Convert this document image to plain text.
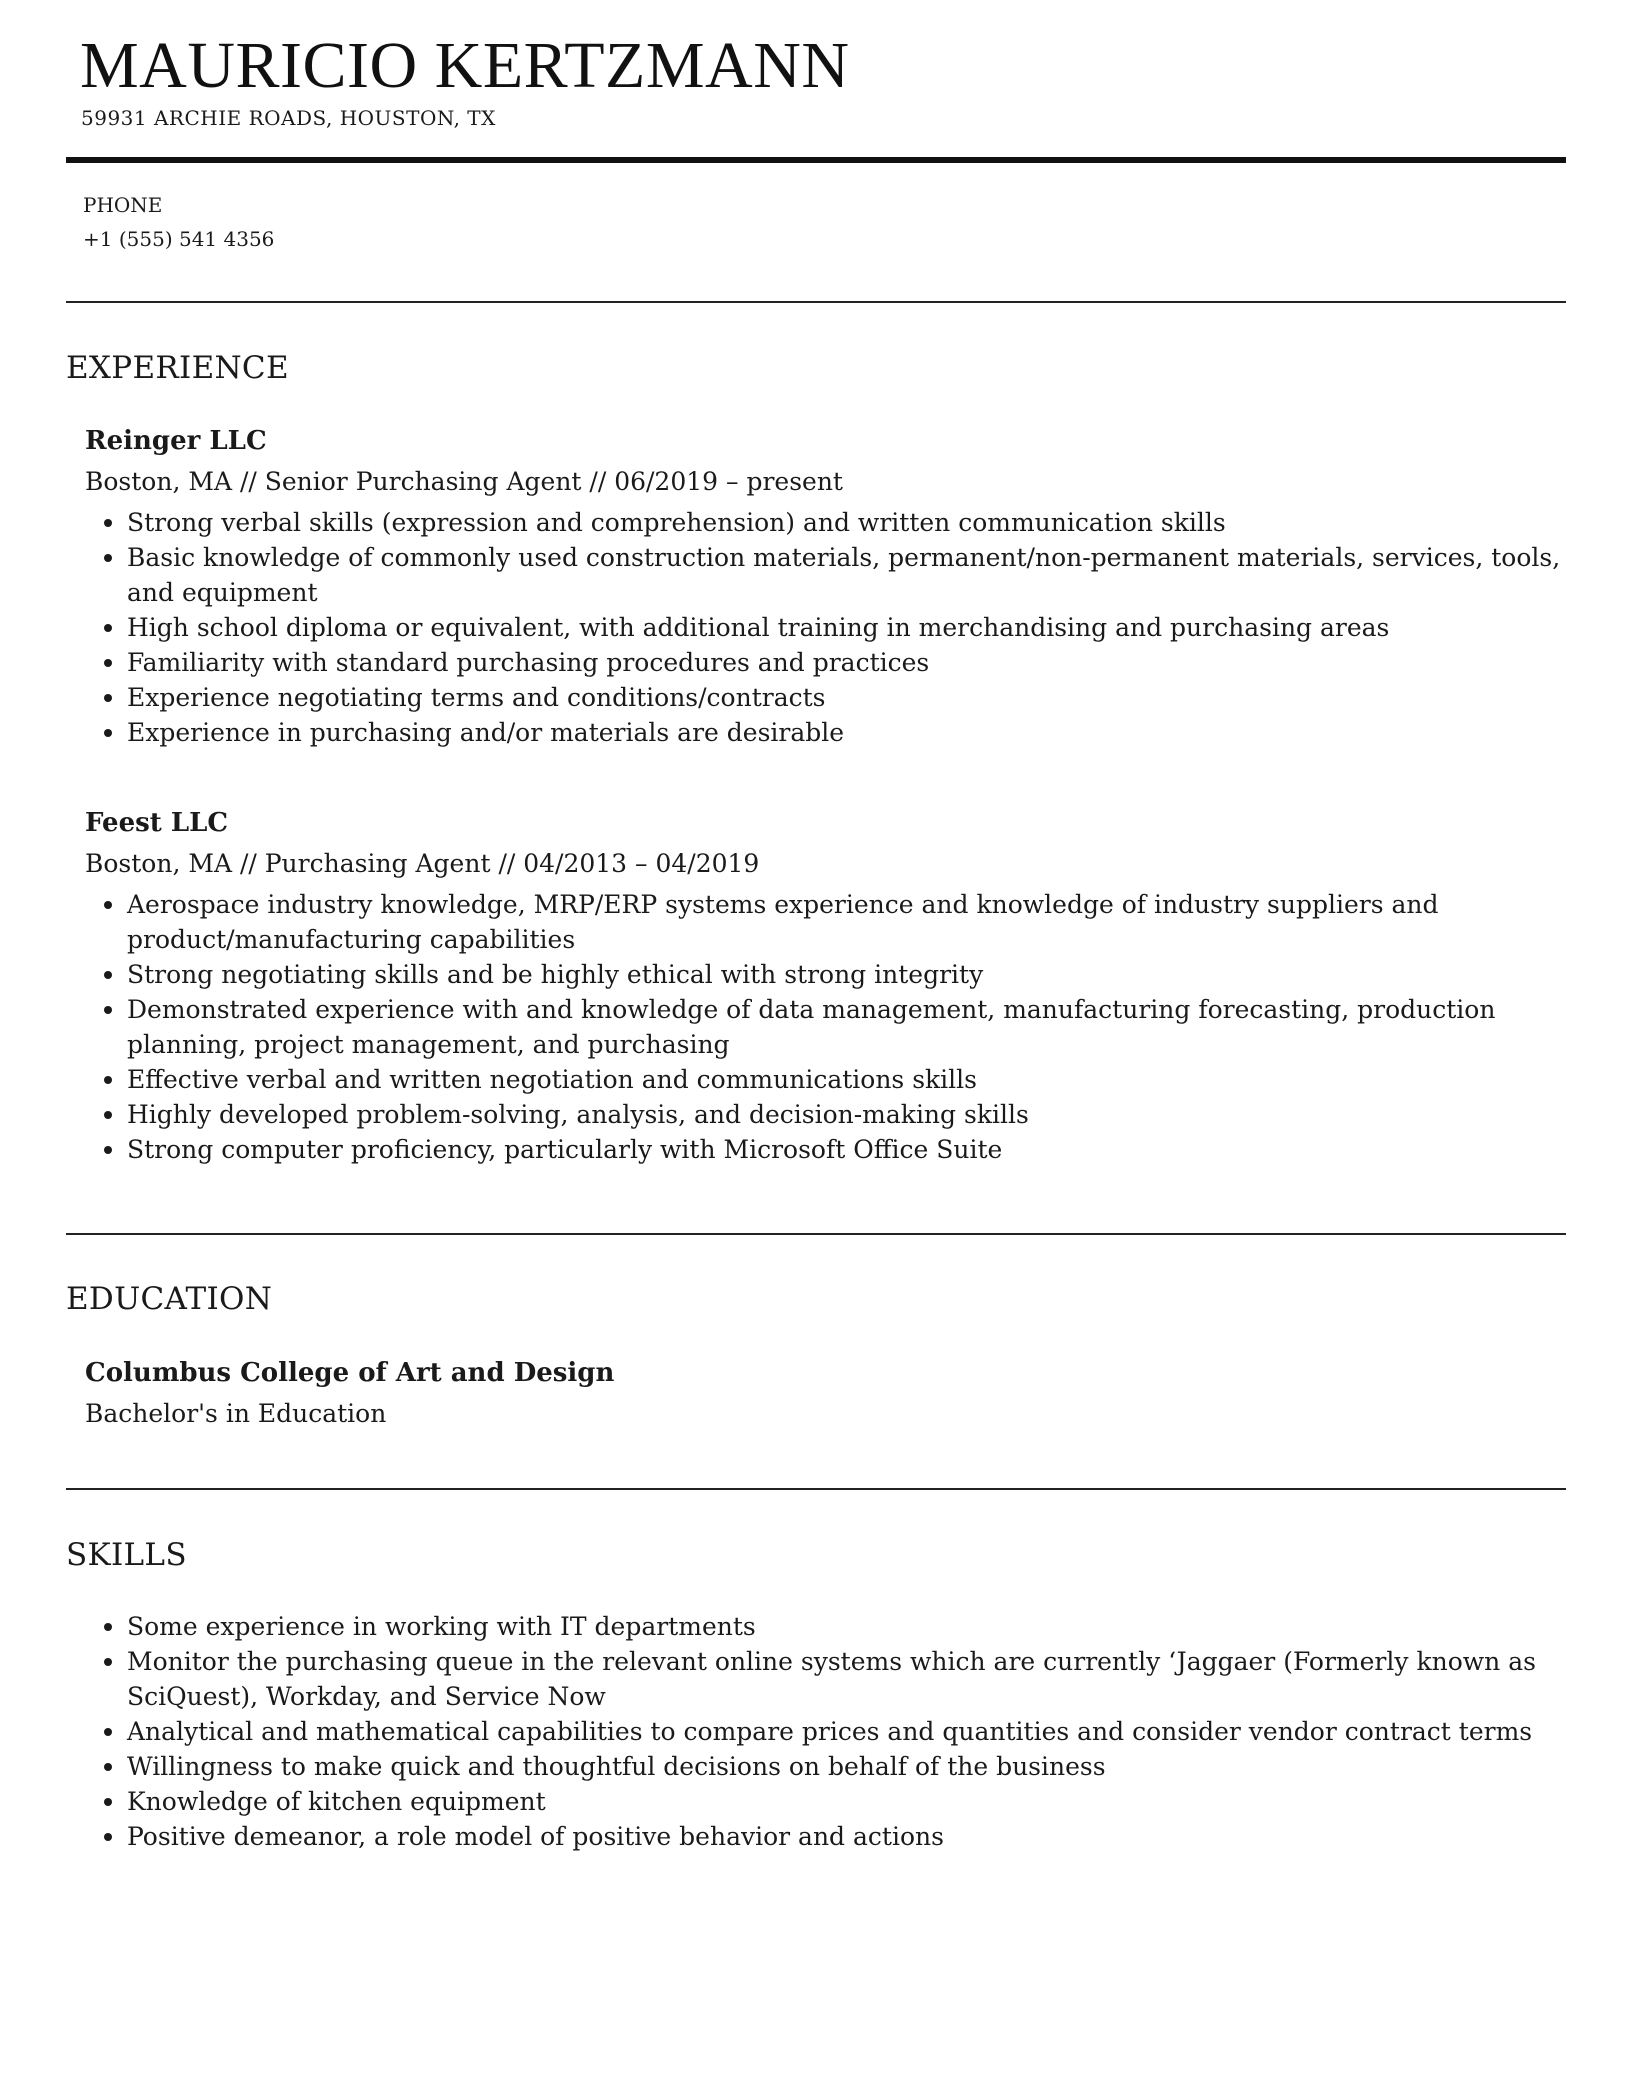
MAURICIO KERTZMANN
59931 ARCHIE ROADS, HOUSTON, TX
PHONE
+1 (555) 541 4356
EXPERIENCE

Reinger LLC

Boston, MA // Senior Purchasing Agent // 06/2019 – present

Strong verbal skills (expression and comprehension) and written communication skills
Basic knowledge of commonly used construction materials, permanent/non-permanent materials, services, tools, and equipment
High school diploma or equivalent, with additional training in merchandising and purchasing areas
Familiarity with standard purchasing procedures and practices
Experience negotiating terms and conditions/contracts
Experience in purchasing and/or materials are desirable

Feest LLC

Boston, MA // Purchasing Agent // 04/2013 – 04/2019

Aerospace industry knowledge, MRP/ERP systems experience and knowledge of industry suppliers and product/manufacturing capabilities
Strong negotiating skills and be highly ethical with strong integrity
Demonstrated experience with and knowledge of data management, manufacturing forecasting, production planning, project management, and purchasing
Effective verbal and written negotiation and communications skills
Highly developed problem-solving, analysis, and decision-making skills
Strong computer proficiency, particularly with Microsoft Office Suite
EDUCATION

Columbus College of Art and Design

Bachelor's in Education

SKILLS
Some experience in working with IT departments
Monitor the purchasing queue in the relevant online systems which are currently ‘Jaggaer (Formerly known as SciQuest), Workday, and Service Now
Analytical and mathematical capabilities to compare prices and quantities and consider vendor contract terms
Willingness to make quick and thoughtful decisions on behalf of the business
Knowledge of kitchen equipment
Positive demeanor, a role model of positive behavior and actions
